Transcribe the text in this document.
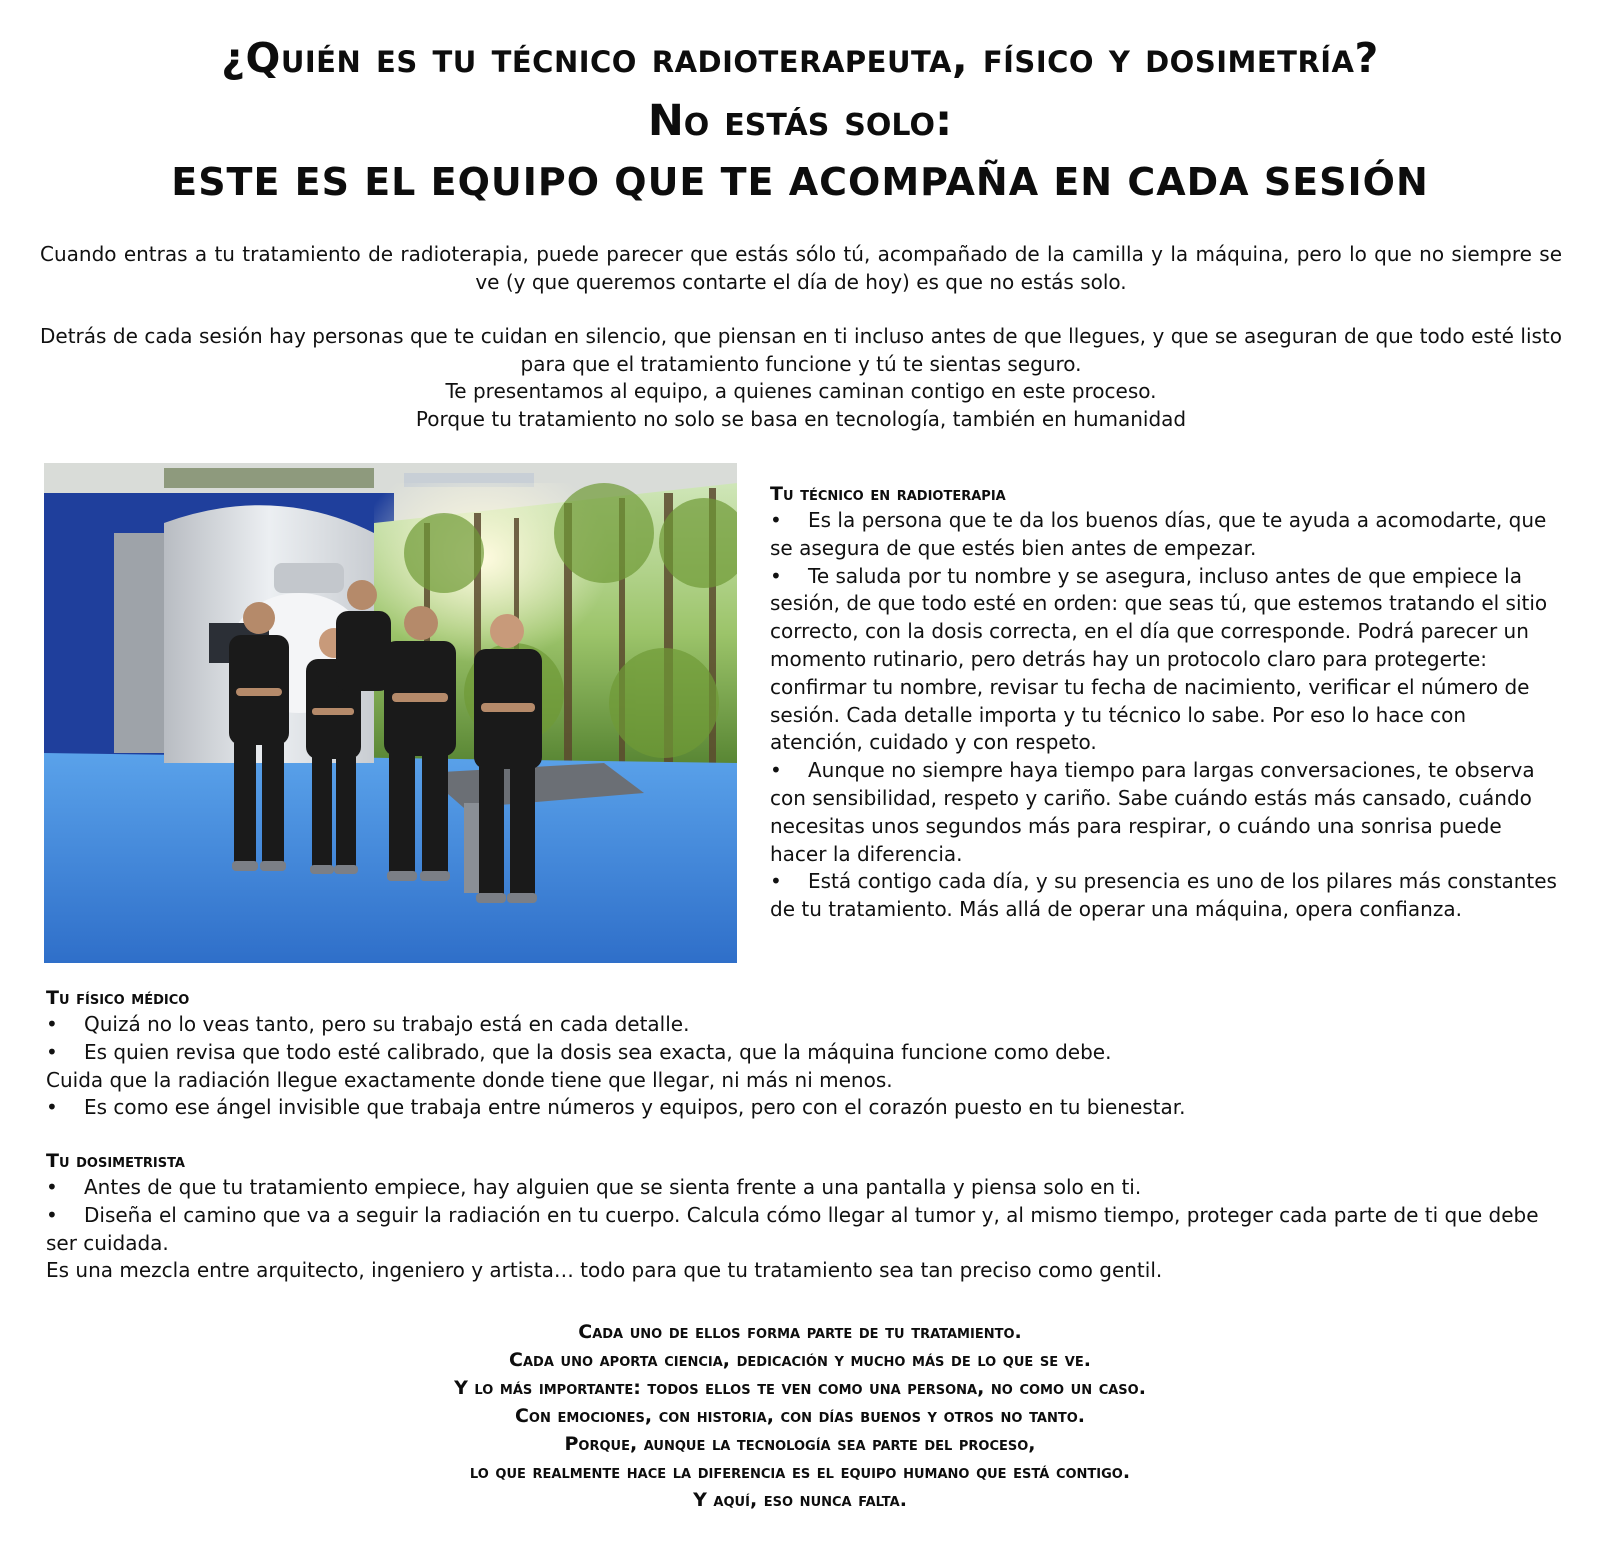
¿Quién es tu técnico radioterapeuta, físico y dosimetría?
No estás solo:
ESTE ES EL EQUIPO QUE TE ACOMPAÑA EN CADA SESIÓN
Cuando entras a tu tratamiento de radioterapia, puede parecer que estás sólo tú, acompañado de la camilla y la máquina, pero lo que no siempre se ve (y que queremos contarte el día de hoy) es que no estás solo.
Detrás de cada sesión hay personas que te cuidan en silencio, que piensan en ti incluso antes de que llegues, y que se aseguran de que todo esté listo para que el tratamiento funcione y tú te sientas seguro.
Te presentamos al equipo, a quienes caminan contigo en este proceso.
Porque tu tratamiento no solo se basa en tecnología, también en humanidad
Tu técnico en radioterapia

• Es la persona que te da los buenos días, que te ayuda a acomodarte, que se asegura de que estés bien antes de empezar.

• Te saluda por tu nombre y se asegura, incluso antes de que empiece la sesión, de que todo esté en orden: que seas tú, que estemos tratando el sitio correcto, con la dosis correcta, en el día que corresponde. Podrá parecer un momento rutinario, pero detrás hay un protocolo claro para protegerte: confirmar tu nombre, revisar tu fecha de nacimiento, verificar el número de sesión. Cada detalle importa y tu técnico lo sabe. Por eso lo hace con atención, cuidado y con respeto.

• Aunque no siempre haya tiempo para largas conversaciones, te observa con sensibilidad, respeto y cariño. Sabe cuándo estás más cansado, cuándo necesitas unos segundos más para respirar, o cuándo una sonrisa puede hacer la diferencia.

• Está contigo cada día, y su presencia es uno de los pilares más constantes de tu tratamiento. Más allá de operar una máquina, opera confianza.

Tu físico médico

• Quizá no lo veas tanto, pero su trabajo está en cada detalle.

• Es quien revisa que todo esté calibrado, que la dosis sea exacta, que la máquina funcione como debe.

Cuida que la radiación llegue exactamente donde tiene que llegar, ni más ni menos.

• Es como ese ángel invisible que trabaja entre números y equipos, pero con el corazón puesto en tu bienestar.

Tu dosimetrista

• Antes de que tu tratamiento empiece, hay alguien que se sienta frente a una pantalla y piensa solo en ti.

• Diseña el camino que va a seguir la radiación en tu cuerpo. Calcula cómo llegar al tumor y, al mismo tiempo, proteger cada parte de ti que debe ser cuidada.

Es una mezcla entre arquitecto, ingeniero y artista… todo para que tu tratamiento sea tan preciso como gentil.

Cada uno de ellos forma parte de tu tratamiento.
Cada uno aporta ciencia, dedicación y mucho más de lo que se ve.
Y lo más importante: todos ellos te ven como una persona, no como un caso.
Con emociones, con historia, con días buenos y otros no tanto.
Porque, aunque la tecnología sea parte del proceso,
lo que realmente hace la diferencia es el equipo humano que está contigo.
Y aquí, eso nunca falta.
